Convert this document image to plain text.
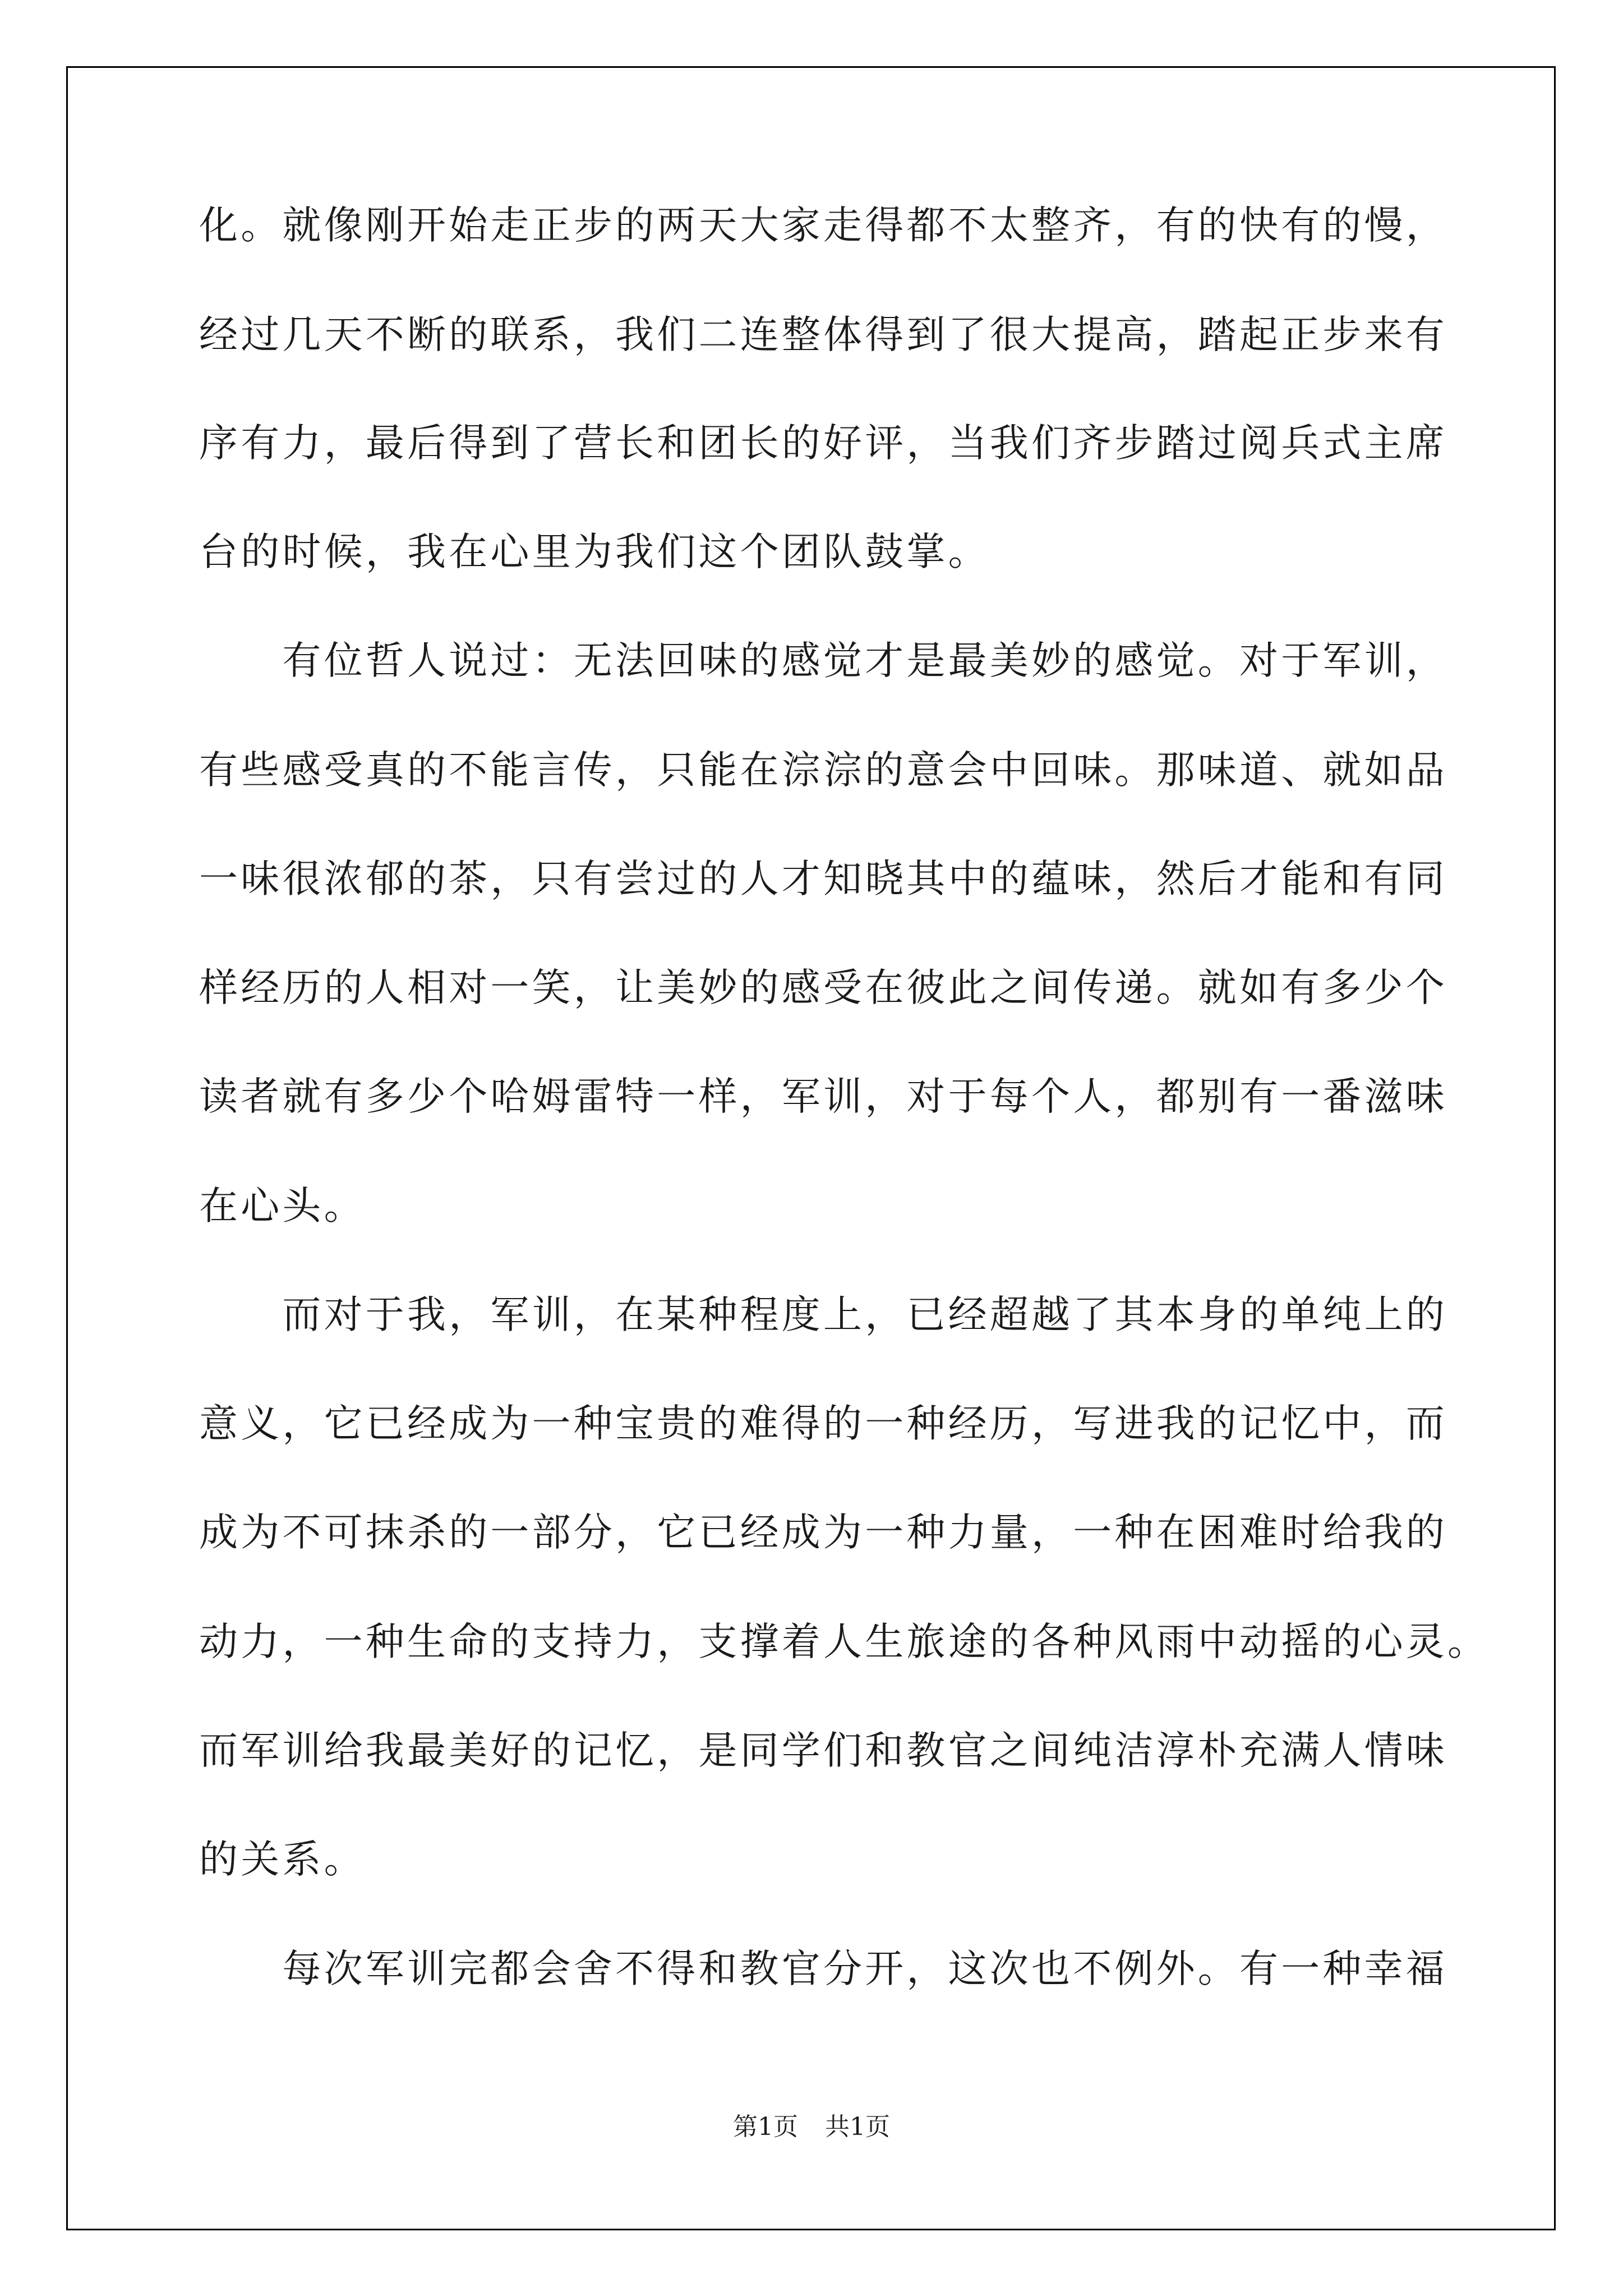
化。就像刚开始走正步的两天大家走得都不太整齐，有的快有的慢，
经过几天不断的联系，我们二连整体得到了很大提高，踏起正步来有
序有力，最后得到了营长和团长的好评，当我们齐步踏过阅兵式主席
台的时候，我在心里为我们这个团队鼓掌。
　　有位哲人说过：无法回味的感觉才是最美妙的感觉。对于军训，
有些感受真的不能言传，只能在淙淙的意会中回味。那味道、就如品
一味很浓郁的茶，只有尝过的人才知晓其中的蕴味，然后才能和有同
样经历的人相对一笑，让美妙的感受在彼此之间传递。就如有多少个
读者就有多少个哈姆雷特一样，军训，对于每个人，都别有一番滋味
在心头。
　　而对于我，军训，在某种程度上，已经超越了其本身的单纯上的
意义，它已经成为一种宝贵的难得的一种经历，写进我的记忆中，而
成为不可抹杀的一部分，它已经成为一种力量，一种在困难时给我的
动力，一种生命的支持力，支撑着人生旅途的各种风雨中动摇的心灵。
而军训给我最美好的记忆，是同学们和教官之间纯洁淳朴充满人情味
的关系。
　　每次军训完都会舍不得和教官分开，这次也不例外。有一种幸福
第1页 共1页
